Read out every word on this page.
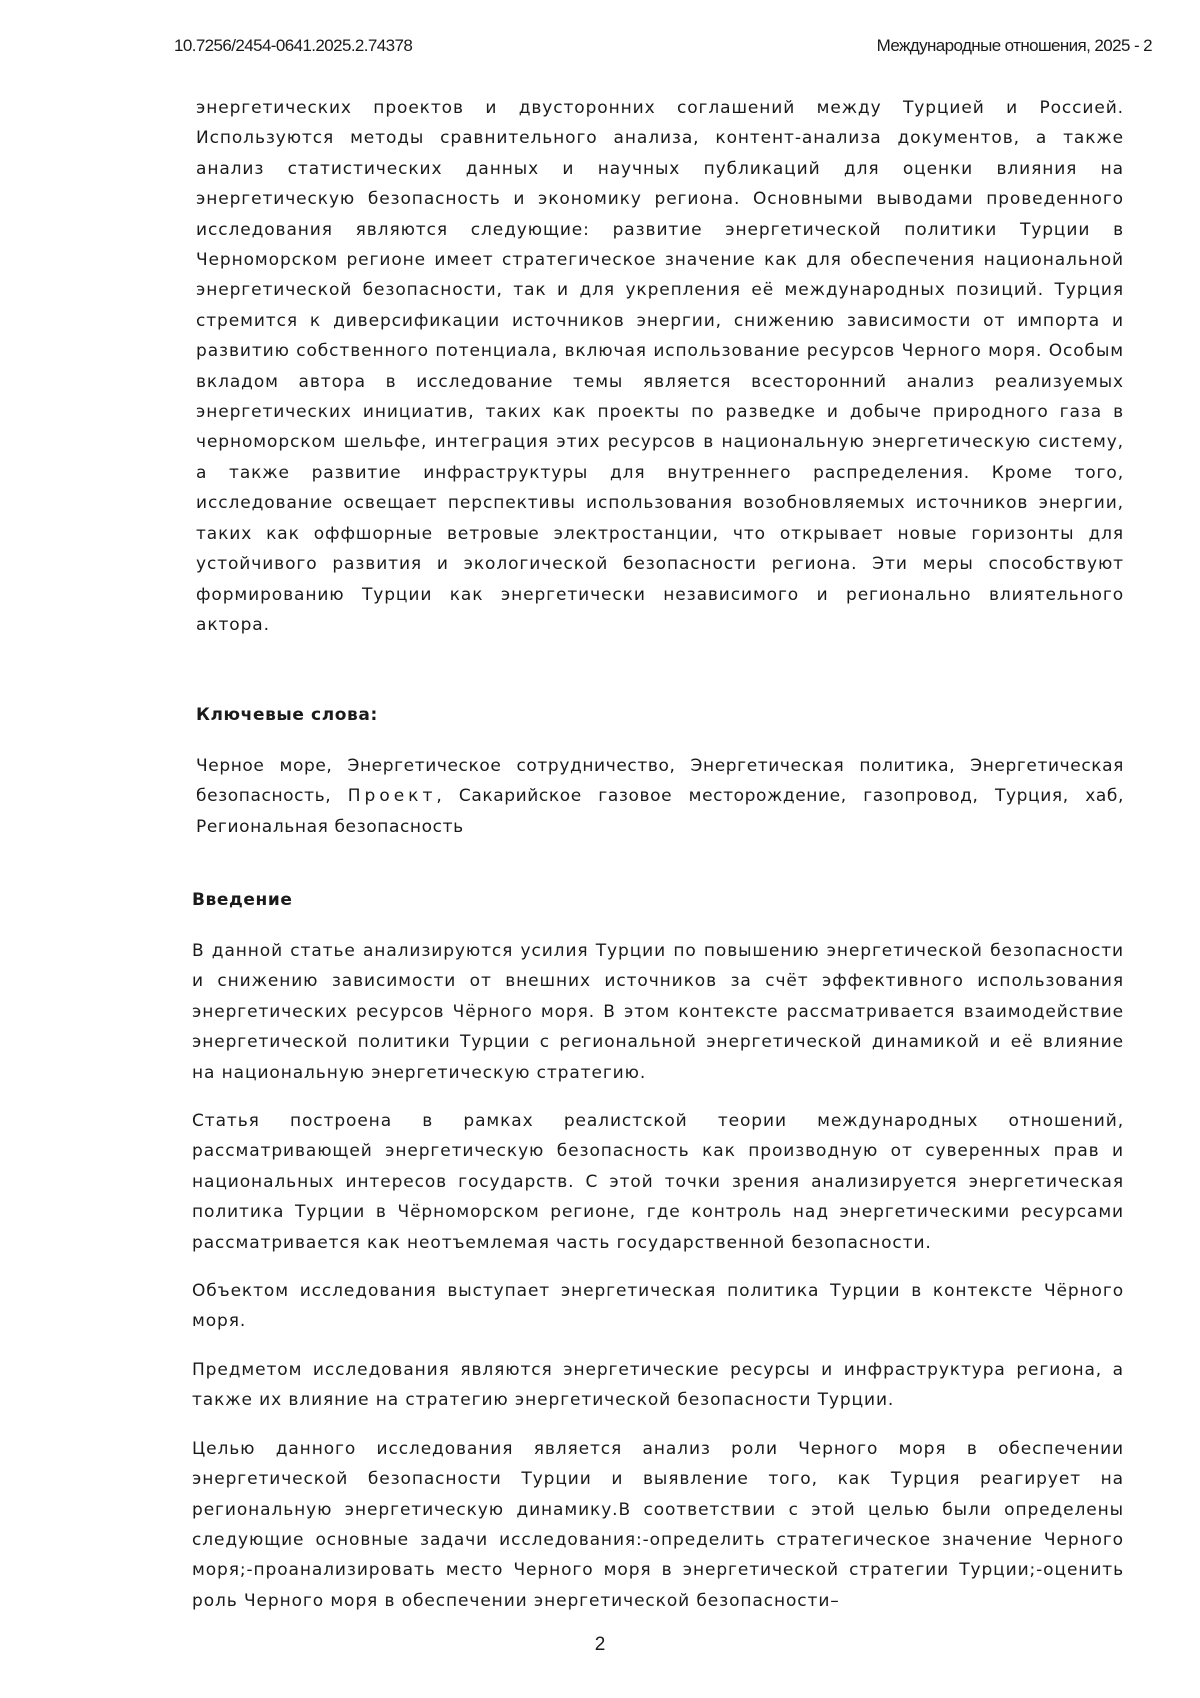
10.7256/2454-0641.2025.2.74378	Международные отношения, 2025 - 2

энергетических проектов и двусторонних соглашений между Турцией и Россией. Используются методы сравнительного анализа, контент-анализа документов, а также анализ статистических данных и научных публикаций для оценки влияния на энергетическую безопасность и экономику региона. Основными выводами проведенного исследования являются следующие: развитие энергетической политики Турции в Черноморском регионе имеет стратегическое значение как для обеспечения национальной энергетической безопасности, так и для укрепления её международных позиций. Турция стремится к диверсификации источников энергии, снижению зависимости от импорта и развитию собственного потенциала, включая использование ресурсов Черного моря. Особым вкладом автора в исследование темы является всесторонний анализ реализуемых энергетических инициатив, таких как проекты по разведке и добыче природного газа в черноморском шельфе, интеграция этих ресурсов в национальную энергетическую систему, а также развитие инфраструктуры для внутреннего распределения. Кроме того, исследование освещает перспективы использования возобновляемых источников энергии, таких как оффшорные ветровые электростанции, что открывает новые горизонты для устойчивого развития и экологической безопасности региона. Эти меры способствуют формированию Турции как энергетически независимого и регионально влиятельного актора.

Ключевые слова:

Черное море, Энергетическое сотрудничество, Энергетическая политика, Энергетическая безопасность, Проект, Сакарийское газовое месторождение, газопровод, Турция, хаб, Региональная безопасность

Введение

В данной статье анализируются усилия Турции по повышению энергетической безопасности и снижению зависимости от внешних источников за счёт эффективного использования энергетических ресурсов Чёрного моря. В этом контексте рассматривается взаимодействие энергетической политики Турции с региональной энергетической динамикой и её влияние на национальную энергетическую стратегию.

Статья построена в рамках реалистской теории международных отношений, рассматривающей энергетическую безопасность как производную от суверенных прав и национальных интересов государств. С этой точки зрения анализируется энергетическая политика Турции в Чёрноморском регионе, где контроль над энергетическими ресурсами рассматривается как неотъемлемая часть государственной безопасности.

Объектом исследования выступает энергетическая политика Турции в контексте Чёрного моря.

Предметом исследования являются энергетические ресурсы и инфраструктура региона, а также их влияние на стратегию энергетической безопасности Турции.

Целью данного исследования является анализ роли Черного моря в обеспечении энергетической безопасности Турции и выявление того, как Турция реагирует на региональную энергетическую динамику.В соответствии с этой целью были определены следующие основные задачи исследования:-определить стратегическое значение Черного моря;-проанализировать место Черного моря в энергетической стратегии Турции;-оценить роль Черного моря в обеспечении энергетической безопасности–

2
